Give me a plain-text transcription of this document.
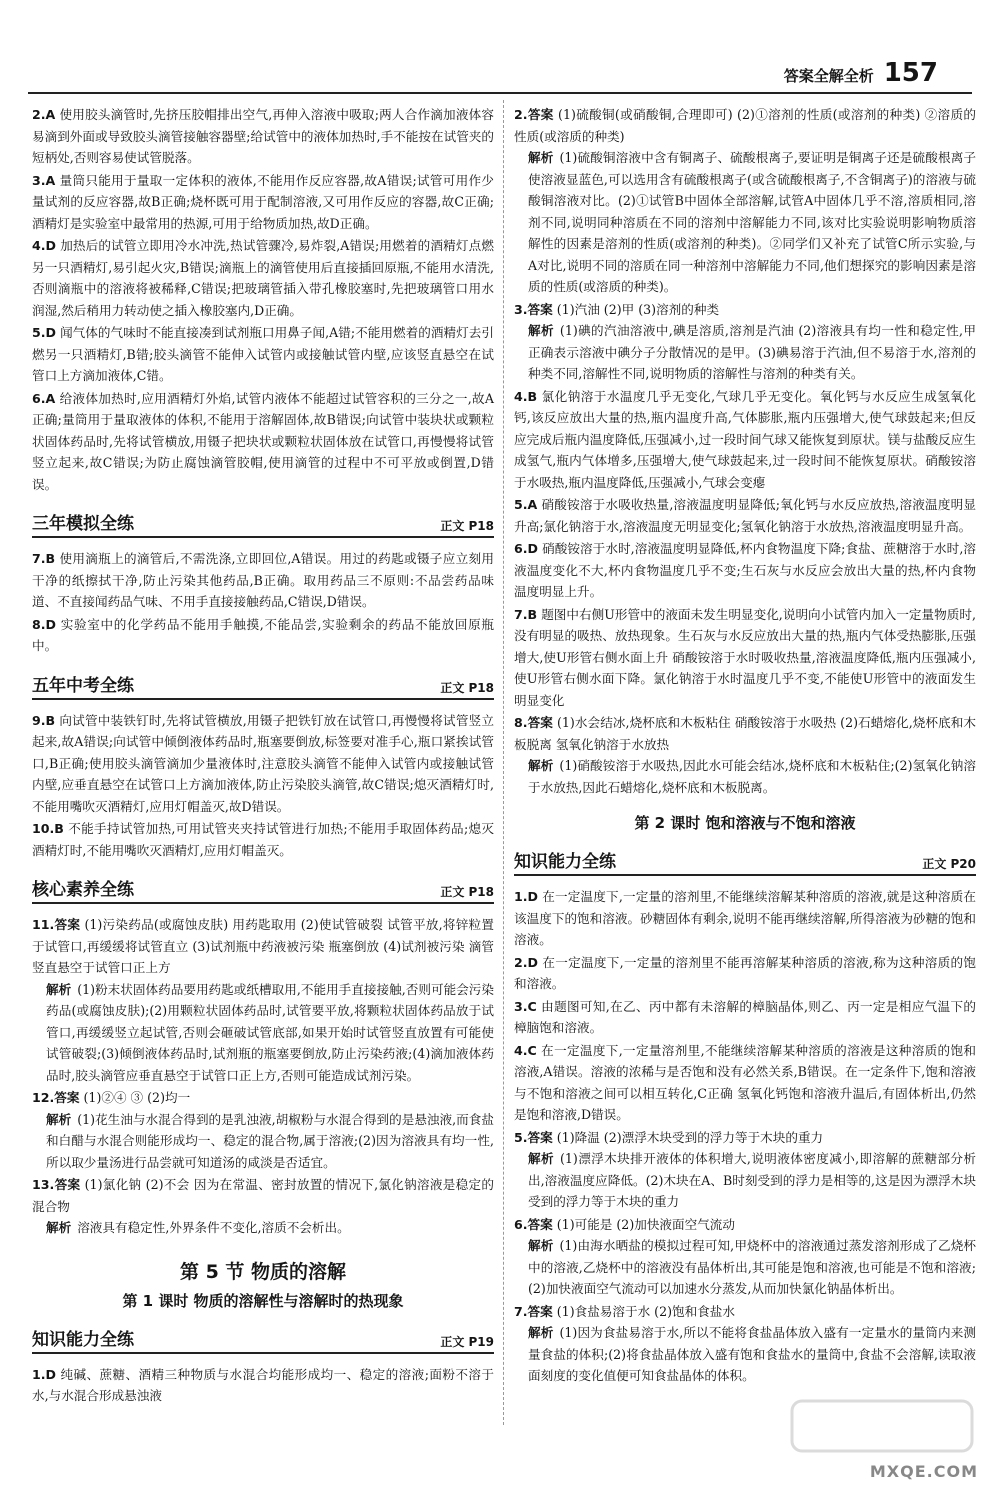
答案全解全析 157
2.A 使用胶头滴管时,先挤压胶帽排出空气,再伸入溶液中吸取;两人合作滴加液体容易滴到外面或导致胶头滴管接触容器壁;给试管中的液体加热时,手不能按在试管夹的短柄处,否则容易使试管脱落。
3.A 量筒只能用于量取一定体积的液体,不能用作反应容器,故A错误;试管可用作少量试剂的反应容器,故B正确;烧杯既可用于配制溶液,又可用作反应的容器,故C正确;酒精灯是实验室中最常用的热源,可用于给物质加热,故D正确。
4.D 加热后的试管立即用冷水冲洗,热试管骤冷,易炸裂,A错误;用燃着的酒精灯点燃另一只酒精灯,易引起火灾,B错误;滴瓶上的滴管使用后直接插回原瓶,不能用水清洗,否则滴瓶中的溶液将被稀释,C错误;把玻璃管插入带孔橡胶塞时,先把玻璃管口用水润湿,然后稍用力转动使之插入橡胶塞内,D正确。
5.D 闻气体的气味时不能直接凑到试剂瓶口用鼻子闻,A错;不能用燃着的酒精灯去引燃另一只酒精灯,B错;胶头滴管不能伸入试管内或接触试管内壁,应该竖直悬空在试管口上方滴加液体,C错。
6.A 给液体加热时,应用酒精灯外焰,试管内液体不能超过试管容积的三分之一,故A正确;量筒用于量取液体的体积,不能用于溶解固体,故B错误;向试管中装块状或颗粒状固体药品时,先将试管横放,用镊子把块状或颗粒状固体放在试管口,再慢慢将试管竖立起来,故C错误;为防止腐蚀滴管胶帽,使用滴管的过程中不可平放或倒置,D错误。
三年模拟全练	正文 P18
7.B 使用滴瓶上的滴管后,不需洗涤,立即回位,A错误。用过的药匙或镊子应立刻用干净的纸擦拭干净,防止污染其他药品,B正确。取用药品三不原则:不品尝药品味道、不直接闻药品气味、不用手直接接触药品,C错误,D错误。
8.D 实验室中的化学药品不能用手触摸,不能品尝,实验剩余的药品不能放回原瓶中。
五年中考全练	正文 P18
9.B 向试管中装铁钉时,先将试管横放,用镊子把铁钉放在试管口,再慢慢将试管竖立起来,故A错误;向试管中倾倒液体药品时,瓶塞要倒放,标签要对准手心,瓶口紧挨试管口,B正确;使用胶头滴管滴加少量液体时,注意胶头滴管不能伸入试管内或接触试管内壁,应垂直悬空在试管口上方滴加液体,防止污染胶头滴管,故C错误;熄灭酒精灯时,不能用嘴吹灭酒精灯,应用灯帽盖灭,故D错误。
10.B 不能手持试管加热,可用试管夹夹持试管进行加热;不能用手取固体药品;熄灭酒精灯时,不能用嘴吹灭酒精灯,应用灯帽盖灭。
核心素养全练	正文 P18
11.答案 (1)污染药品(或腐蚀皮肤) 用药匙取用 (2)使试管破裂 试管平放,将锌粒置于试管口,再缓缓将试管直立 (3)试剂瓶中药液被污染 瓶塞倒放 (4)试剂被污染 滴管竖直悬空于试管口正上方
解析 (1)粉末状固体药品要用药匙或纸槽取用,不能用手直接接触,否则可能会污染药品(或腐蚀皮肤);(2)用颗粒状固体药品时,试管要平放,将颗粒状固体药品放于试管口,再缓缓竖立起试管,否则会砸破试管底部,如果开始时试管竖直放置有可能使试管破裂;(3)倾倒液体药品时,试剂瓶的瓶塞要倒放,防止污染药液;(4)滴加液体药品时,胶头滴管应垂直悬空于试管口正上方,否则可能造成试剂污染。
12.答案 (1)②④ ③ (2)均一
解析 (1)花生油与水混合得到的是乳浊液,胡椒粉与水混合得到的是悬浊液,而食盐和白醋与水混合则能形成均一、稳定的混合物,属于溶液;(2)因为溶液具有均一性,所以取少量汤进行品尝就可知道汤的咸淡是否适宜。
13.答案 (1)氯化钠 (2)不会 因为在常温、密封放置的情况下,氯化钠溶液是稳定的混合物
解析 溶液具有稳定性,外界条件不变化,溶质不会析出。
第 5 节 物质的溶解
第 1 课时 物质的溶解性与溶解时的热现象
知识能力全练	正文 P19
1.D 纯碱、蔗糖、酒精三种物质与水混合均能形成均一、稳定的溶液;面粉不溶于水,与水混合形成悬浊液
2.答案 (1)硫酸铜(或硝酸铜,合理即可) (2)①溶剂的性质(或溶剂的种类) ②溶质的性质(或溶质的种类)
解析 (1)硫酸铜溶液中含有铜离子、硫酸根离子,要证明是铜离子还是硫酸根离子使溶液显蓝色,可以选用含有硫酸根离子(或含硫酸根离子,不含铜离子)的溶液与硫酸铜溶液对比。(2)①试管B中固体全部溶解,试管A中固体几乎不溶,溶质相同,溶剂不同,说明同种溶质在不同的溶剂中溶解能力不同,该对比实验说明影响物质溶解性的因素是溶剂的性质(或溶剂的种类)。②同学们又补充了试管C所示实验,与A对比,说明不同的溶质在同一种溶剂中溶解能力不同,他们想探究的影响因素是溶质的性质(或溶质的种类)。
3.答案 (1)汽油 (2)甲 (3)溶剂的种类
解析 (1)碘的汽油溶液中,碘是溶质,溶剂是汽油 (2)溶液具有均一性和稳定性,甲正确表示溶液中碘分子分散情况的是甲。(3)碘易溶于汽油,但不易溶于水,溶剂的种类不同,溶解性不同,说明物质的溶解性与溶剂的种类有关。
4.B 氯化钠溶于水温度几乎无变化,气球几乎无变化。氧化钙与水反应生成氢氧化钙,该反应放出大量的热,瓶内温度升高,气体膨胀,瓶内压强增大,使气球鼓起来;但反应完成后瓶内温度降低,压强减小,过一段时间气球又能恢复到原状。镁与盐酸反应生成氢气,瓶内气体增多,压强增大,使气球鼓起来,过一段时间不能恢复原状。硝酸铵溶于水吸热,瓶内温度降低,压强减小,气球会变瘪
5.A 硝酸铵溶于水吸收热量,溶液温度明显降低;氧化钙与水反应放热,溶液温度明显升高;氯化钠溶于水,溶液温度无明显变化;氢氧化钠溶于水放热,溶液温度明显升高。
6.D 硝酸铵溶于水时,溶液温度明显降低,杯内食物温度下降;食盐、蔗糖溶于水时,溶液温度变化不大,杯内食物温度几乎不变;生石灰与水反应会放出大量的热,杯内食物温度明显上升。
7.B 题图中右侧U形管中的液面未发生明显变化,说明向小试管内加入一定量物质时,没有明显的吸热、放热现象。生石灰与水反应放出大量的热,瓶内气体受热膨胀,压强增大,使U形管右侧水面上升 硝酸铵溶于水时吸收热量,溶液温度降低,瓶内压强减小,使U形管右侧水面下降。氯化钠溶于水时温度几乎不变,不能使U形管中的液面发生明显变化
8.答案 (1)水会结冰,烧杯底和木板粘住 硝酸铵溶于水吸热 (2)石蜡熔化,烧杯底和木板脱离 氢氧化钠溶于水放热
解析 (1)硝酸铵溶于水吸热,因此水可能会结冰,烧杯底和木板粘住;(2)氢氧化钠溶于水放热,因此石蜡熔化,烧杯底和木板脱离。
第 2 课时 饱和溶液与不饱和溶液
知识能力全练	正文 P20
1.D 在一定温度下,一定量的溶剂里,不能继续溶解某种溶质的溶液,就是这种溶质在该温度下的饱和溶液。砂糖固体有剩余,说明不能再继续溶解,所得溶液为砂糖的饱和溶液。
2.D 在一定温度下,一定量的溶剂里不能再溶解某种溶质的溶液,称为这种溶质的饱和溶液。
3.C 由题图可知,在乙、丙中都有未溶解的樟脑晶体,则乙、丙一定是相应气温下的樟脑饱和溶液。
4.C 在一定温度下,一定量溶剂里,不能继续溶解某种溶质的溶液是这种溶质的饱和溶液,A错误。溶液的浓稀与是否饱和没有必然关系,B错误。在一定条件下,饱和溶液与不饱和溶液之间可以相互转化,C正确 氢氧化钙饱和溶液升温后,有固体析出,仍然是饱和溶液,D错误。
5.答案 (1)降温 (2)漂浮木块受到的浮力等于木块的重力
解析 (1)漂浮木块排开液体的体积增大,说明液体密度减小,即溶解的蔗糖部分析出,溶液温度应降低。(2)木块在A、B时刻受到的浮力是相等的,这是因为漂浮木块受到的浮力等于木块的重力
6.答案 (1)可能是 (2)加快液面空气流动
解析 (1)由海水晒盐的模拟过程可知,甲烧杯中的溶液通过蒸发溶剂形成了乙烧杯中的溶液,乙烧杯中的溶液没有晶体析出,其可能是饱和溶液,也可能是不饱和溶液;(2)加快液面空气流动可以加速水分蒸发,从而加快氯化钠晶体析出。
7.答案 (1)食盐易溶于水 (2)饱和食盐水
解析 (1)因为食盐易溶于水,所以不能将食盐晶体放入盛有一定量水的量筒内来测量食盐的体积;(2)将食盐晶体放入盛有饱和食盐水的量筒中,食盐不会溶解,读取液面刻度的变化值便可知食盐晶体的体积。
MXQE.COM
